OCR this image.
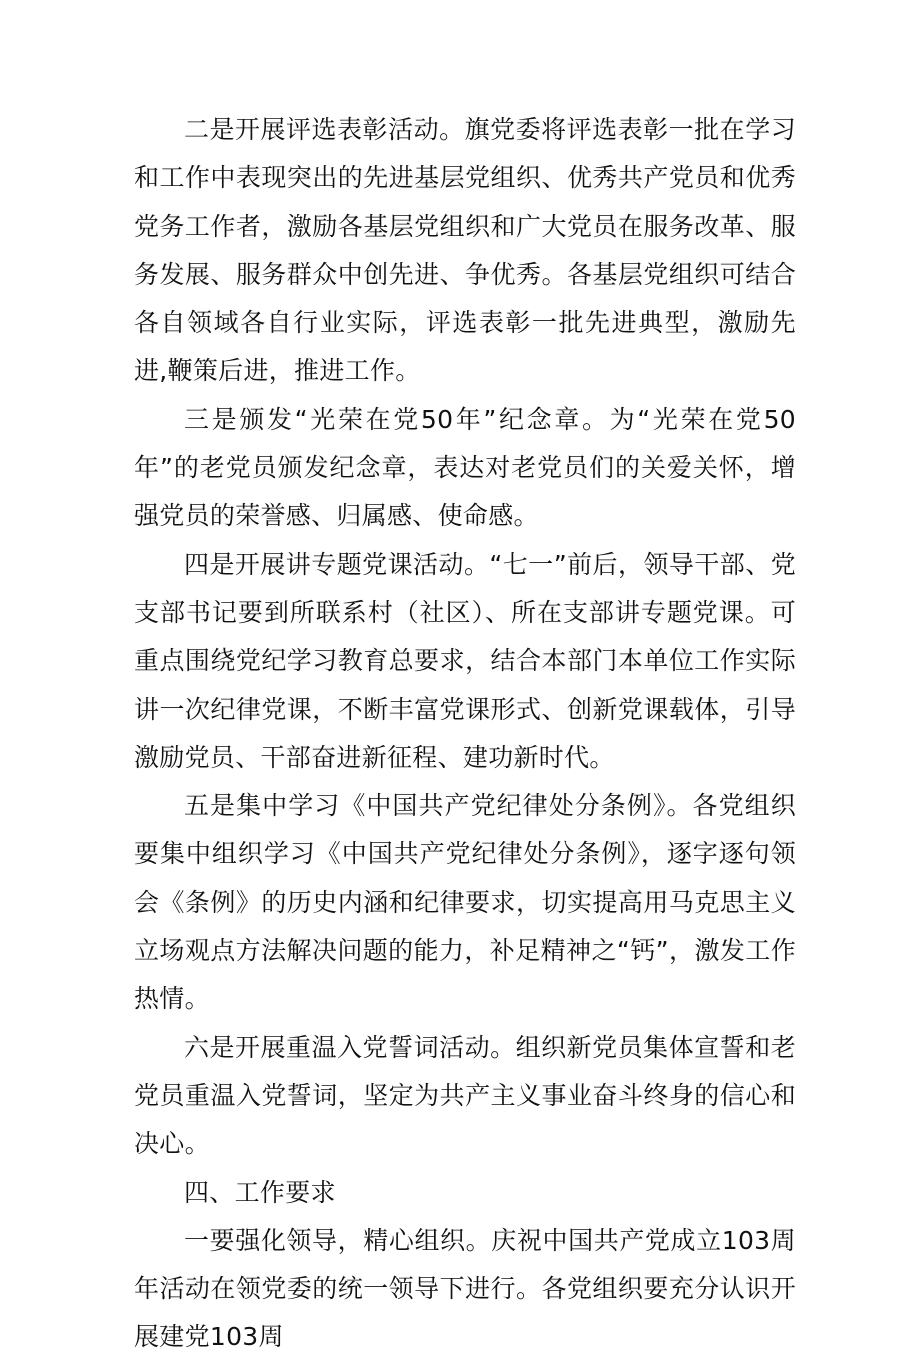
二是开展评选表彰活动。旗党委将评选表彰一批在学习和工作中表现突出的先进基层党组织、优秀共产党员和优秀党务工作者，激励各基层党组织和广大党员在服务改革、服务发展、服务群众中创先进、争优秀。各基层党组织可结合各自领域各自行业实际，评选表彰一批先进典型，激励先进,鞭策后进，推进工作。

三是颁发“光荣在党50年”纪念章。为“光荣在党50年”的老党员颁发纪念章，表达对老党员们的关爱关怀，增强党员的荣誉感、归属感、使命感。

四是开展讲专题党课活动。“七一”前后，领导干部、党支部书记要到所联系村（社区）、所在支部讲专题党课。可重点围绕党纪学习教育总要求，结合本部门本单位工作实际讲一次纪律党课，不断丰富党课形式、创新党课载体，引导激励党员、干部奋进新征程、建功新时代。

五是集中学习《中国共产党纪律处分条例》。各党组织要集中组织学习《中国共产党纪律处分条例》，逐字逐句领会《条例》的历史内涵和纪律要求，切实提高用马克思主义立场观点方法解决问题的能力，补足精神之“钙”，激发工作热情。

六是开展重温入党誓词活动。组织新党员集体宣誓和老党员重温入党誓词，坚定为共产主义事业奋斗终身的信心和决心。

四、工作要求

一要强化领导，精心组织。庆祝中国共产党成立103周年活动在领党委的统一领导下进行。各党组织要充分认识开展建党103周
